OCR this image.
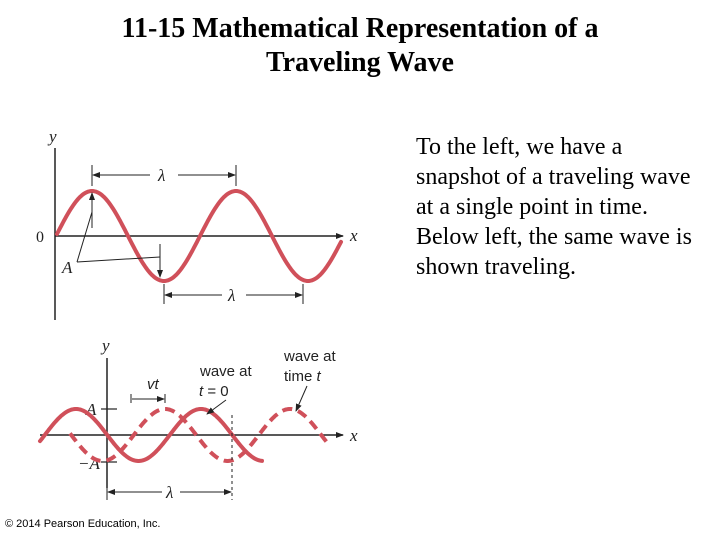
11-15 Mathematical Representation of a
Traveling Wave
To the left, we have a snapshot of a traveling wave at a single point in time. Below left, the same wave is shown traveling.
y
x
0
λ
A
λ
y
x
A
−A
vt
wave at
t = 0
wave at
time t
λ
© 2014 Pearson Education, Inc.
